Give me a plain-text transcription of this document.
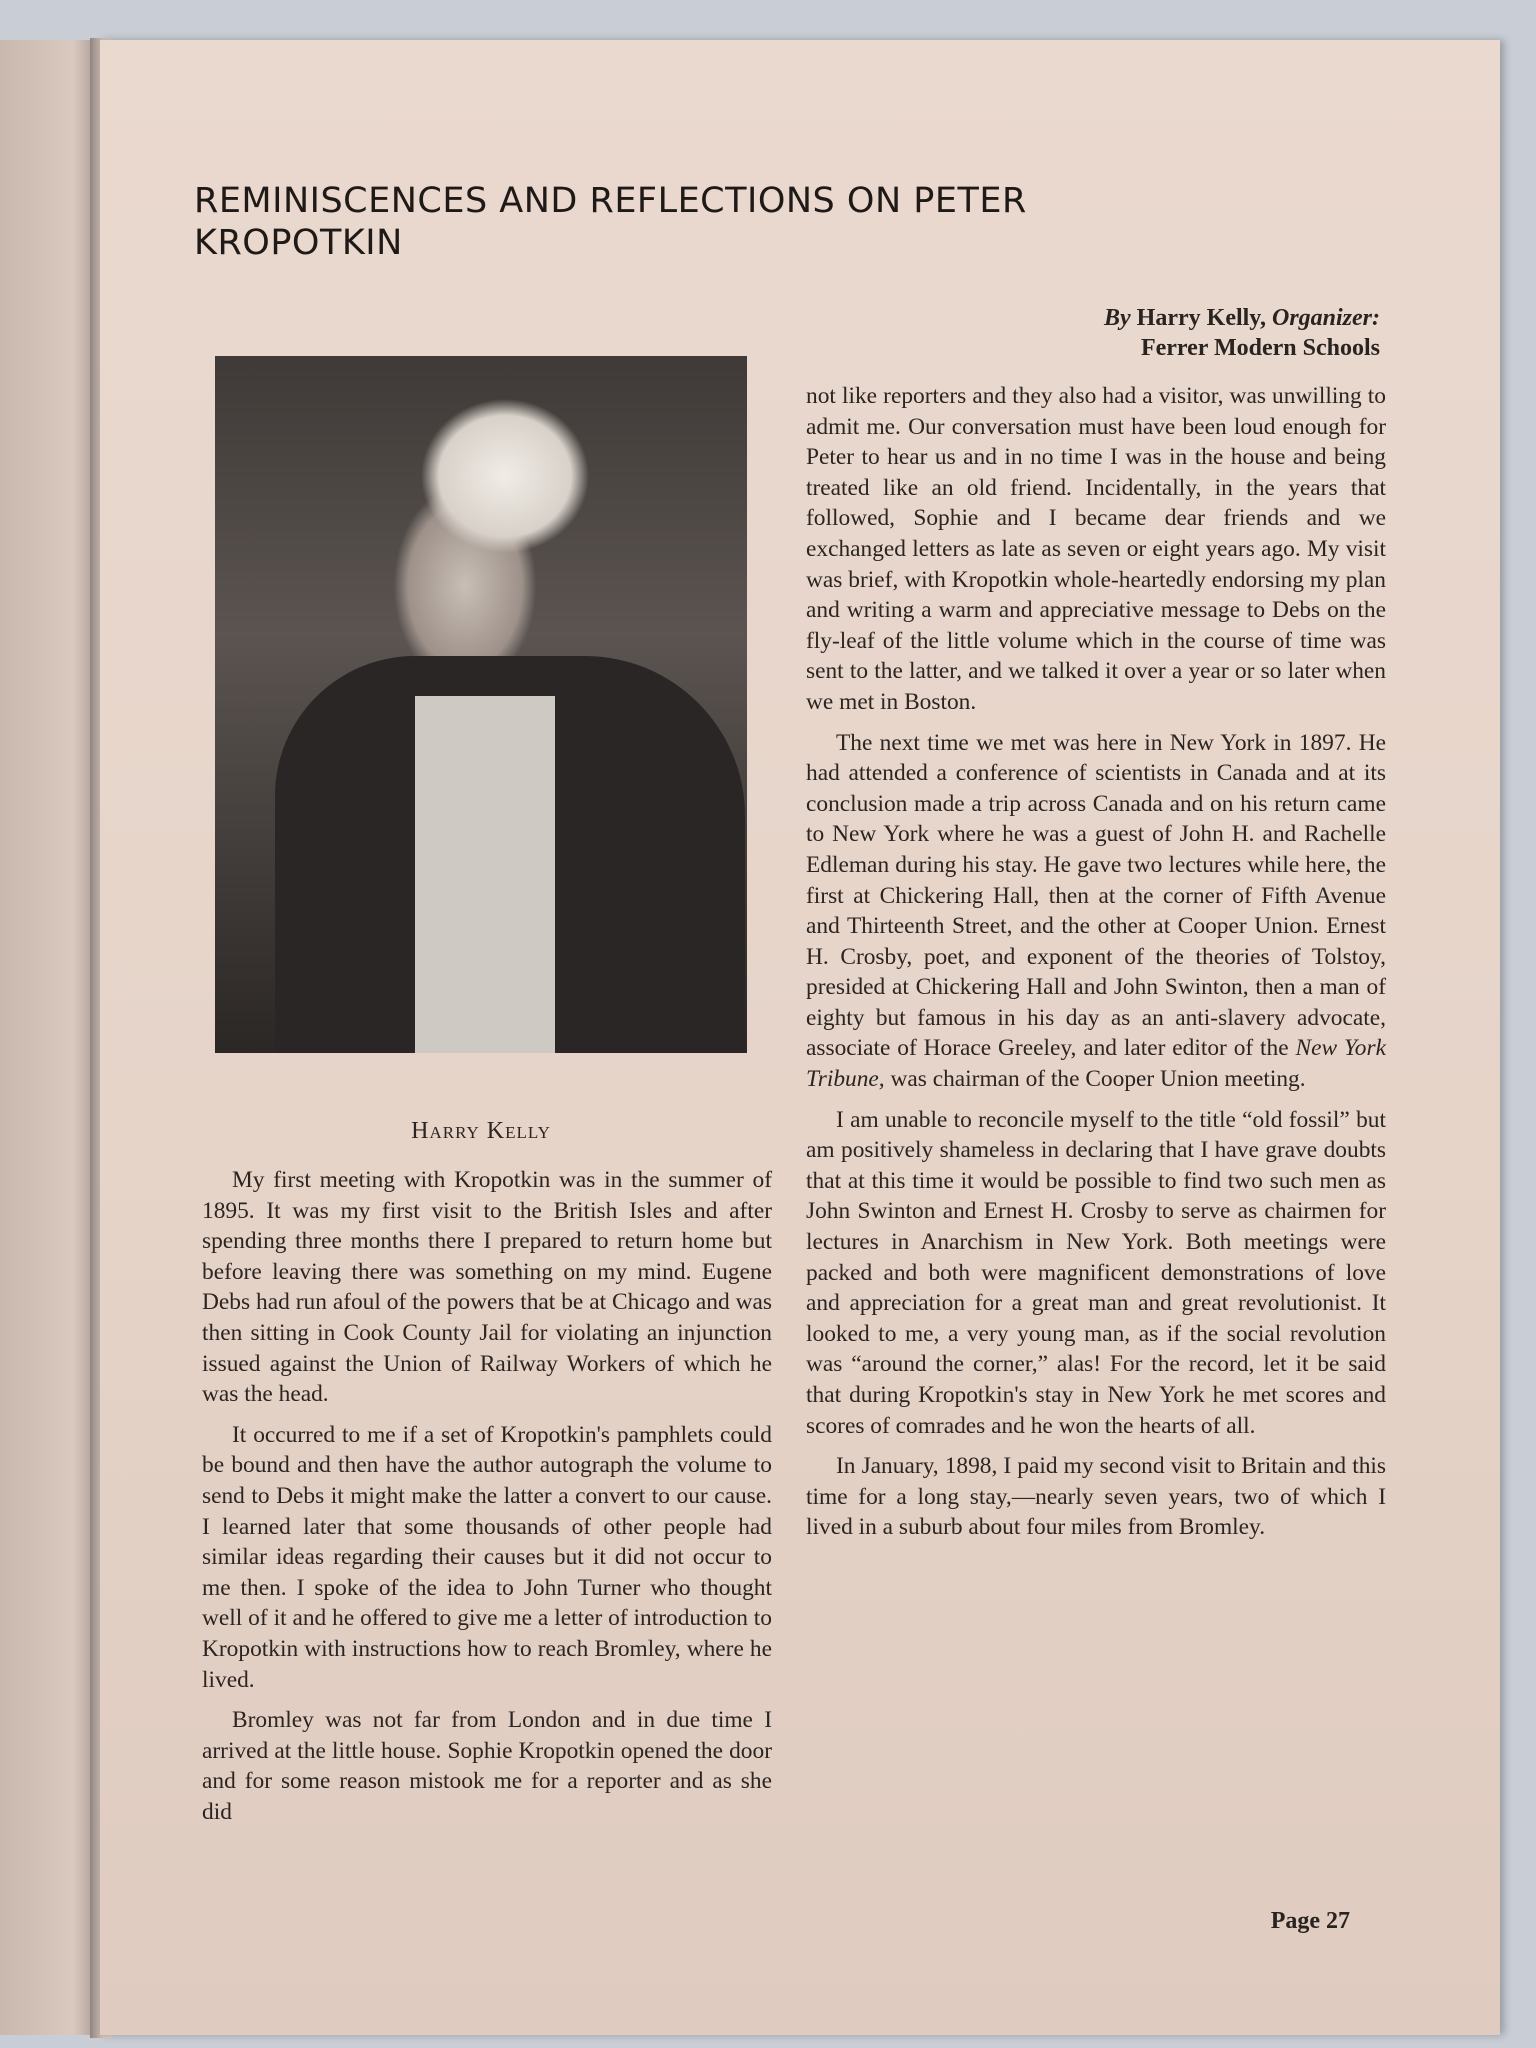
REMINISCENCES AND REFLECTIONS ON PETER KROPOTKIN
By Harry Kelly, Organizer:
Ferrer Modern Schools
Harry Kelly

My first meeting with Kropotkin was in the summer of 1895. It was my first visit to the British Isles and after spending three months there I prepared to return home but before leaving there was something on my mind. Eugene Debs had run afoul of the powers that be at Chicago and was then sitting in Cook County Jail for violating an injunction issued against the Union of Railway Workers of which he was the head.

It occurred to me if a set of Kropotkin's pamphlets could be bound and then have the author autograph the volume to send to Debs it might make the latter a convert to our cause. I learned later that some thousands of other people had similar ideas regarding their causes but it did not occur to me then. I spoke of the idea to John Turner who thought well of it and he offered to give me a letter of introduction to Kropotkin with instructions how to reach Bromley, where he lived.

Bromley was not far from London and in due time I arrived at the little house. Sophie Kropotkin opened the door and for some reason mistook me for a reporter and as she did

not like reporters and they also had a visitor, was unwilling to admit me. Our conversation must have been loud enough for Peter to hear us and in no time I was in the house and being treated like an old friend. Incidentally, in the years that followed, Sophie and I became dear friends and we exchanged letters as late as seven or eight years ago. My visit was brief, with Kropotkin whole-heartedly endorsing my plan and writing a warm and appreciative message to Debs on the fly-leaf of the little volume which in the course of time was sent to the latter, and we talked it over a year or so later when we met in Boston.

The next time we met was here in New York in 1897. He had attended a conference of scientists in Canada and at its conclusion made a trip across Canada and on his return came to New York where he was a guest of John H. and Rachelle Edleman during his stay. He gave two lectures while here, the first at Chickering Hall, then at the corner of Fifth Avenue and Thirteenth Street, and the other at Cooper Union. Ernest H. Crosby, poet, and exponent of the theories of Tolstoy, presided at Chickering Hall and John Swinton, then a man of eighty but famous in his day as an anti-slavery advocate, associate of Horace Greeley, and later editor of the New York Tribune, was chairman of the Cooper Union meeting.

I am unable to reconcile myself to the title “old fossil” but am positively shameless in declaring that I have grave doubts that at this time it would be possible to find two such men as John Swinton and Ernest H. Crosby to serve as chairmen for lectures in Anarchism in New York. Both meetings were packed and both were magnificent demonstrations of love and appreciation for a great man and great revolutionist. It looked to me, a very young man, as if the social revolution was “around the corner,” alas! For the record, let it be said that during Kropotkin's stay in New York he met scores and scores of comrades and he won the hearts of all.

In January, 1898, I paid my second visit to Britain and this time for a long stay,—nearly seven years, two of which I lived in a suburb about four miles from Bromley.

Page 27
